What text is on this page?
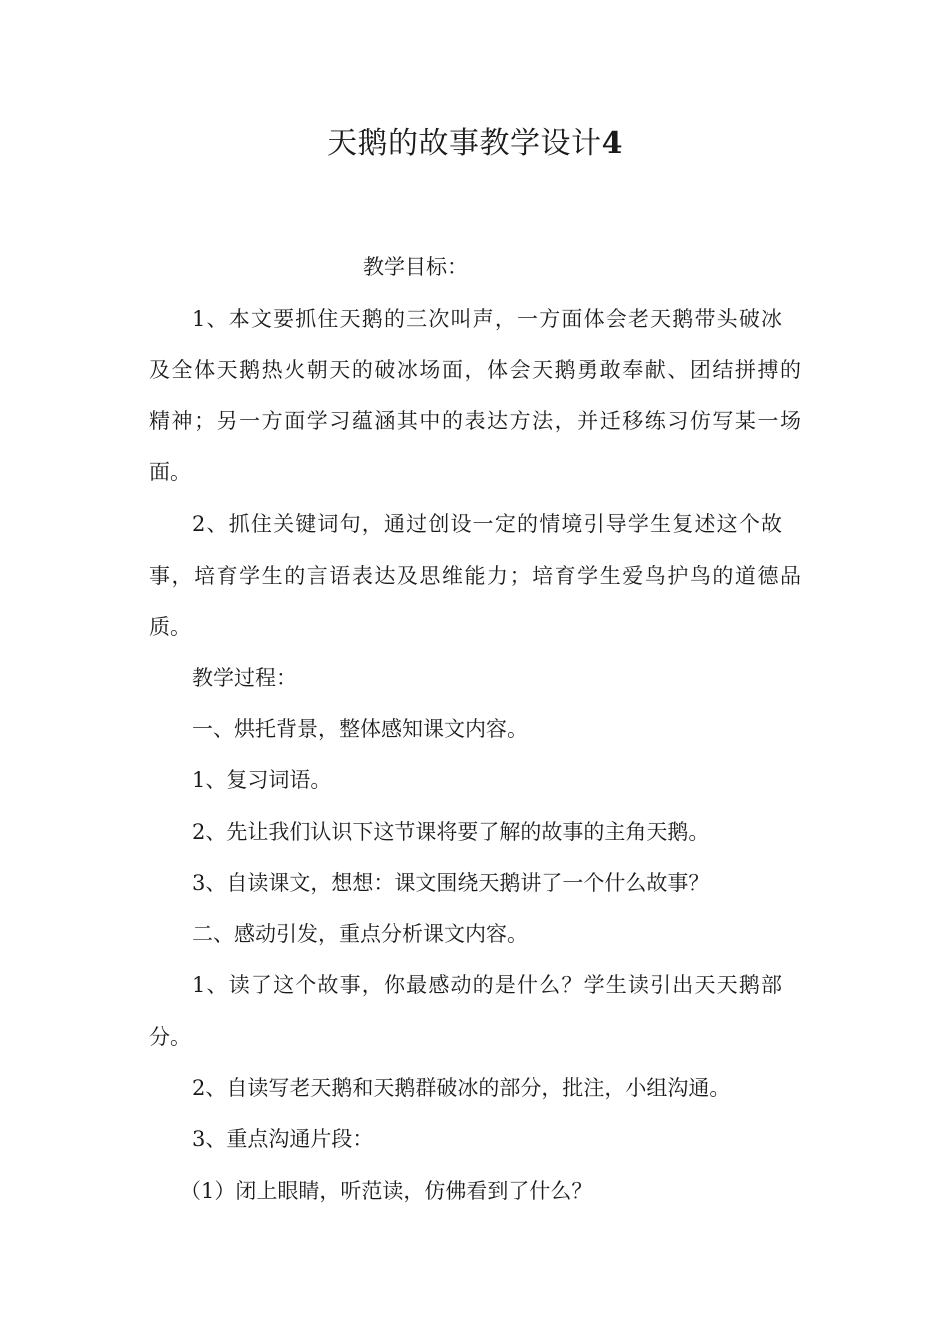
天鹅的故事教学设计4
教学目标：
1、本文要抓住天鹅的三次叫声，一方面体会老天鹅带头破冰
及全体天鹅热火朝天的破冰场面，体会天鹅勇敢奉献、团结拼搏的
精神；另一方面学习蕴涵其中的表达方法，并迁移练习仿写某一场
面。
2、抓住关键词句，通过创设一定的情境引导学生复述这个故
事，培育学生的言语表达及思维能力；培育学生爱鸟护鸟的道德品
质。
教学过程：
一、烘托背景，整体感知课文内容。
1、复习词语。
2、先让我们认识下这节课将要了解的故事的主角天鹅。
3、自读课文，想想：课文围绕天鹅讲了一个什么故事？
二、感动引发，重点分析课文内容。
1、读了这个故事，你最感动的是什么？学生读引出天天鹅部
分。
2、自读写老天鹅和天鹅群破冰的部分，批注，小组沟通。
3、重点沟通片段：
（1）闭上眼睛，听范读，仿佛看到了什么？
